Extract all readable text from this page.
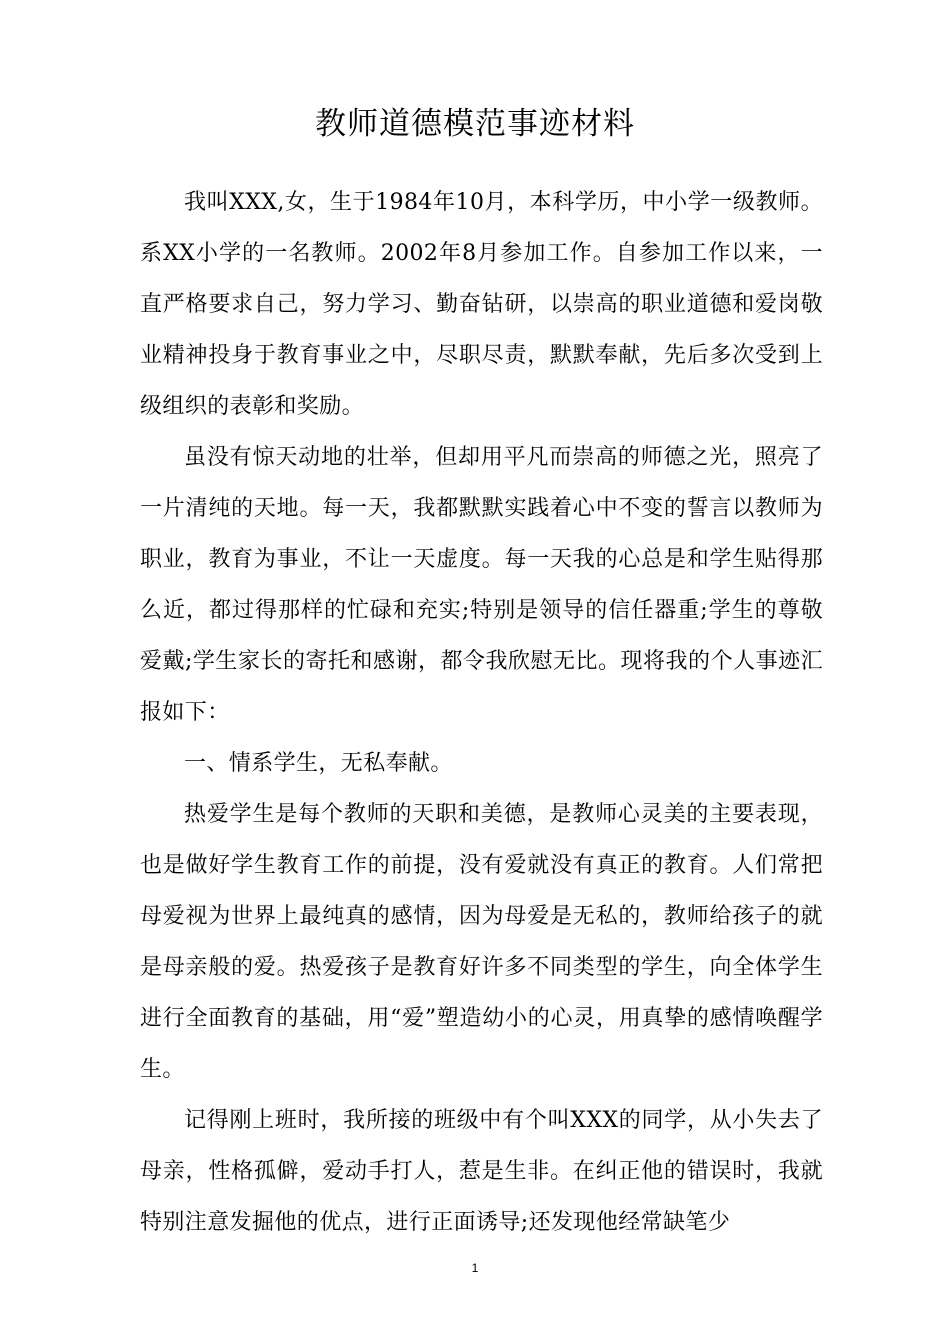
教师道德模范事迹材料

我叫XXX,女，生于1984年10月，本科学历，中小学一级教师。系XX小学的一名教师。2002年8月参加工作。自参加工作以来，一直严格要求自己，努力学习、勤奋钻研，以崇高的职业道德和爱岗敬业精神投身于教育事业之中，尽职尽责，默默奉献，先后多次受到上级组织的表彰和奖励。

虽没有惊天动地的壮举，但却用平凡而崇高的师德之光，照亮了一片清纯的天地。每一天，我都默默实践着心中不变的誓言以教师为职业，教育为事业，不让一天虚度。每一天我的心总是和学生贴得那么近，都过得那样的忙碌和充实;特别是领导的信任器重;学生的尊敬爱戴;学生家长的寄托和感谢，都令我欣慰无比。现将我的个人事迹汇报如下：

一、情系学生，无私奉献。

热爱学生是每个教师的天职和美德，是教师心灵美的主要表现，也是做好学生教育工作的前提，没有爱就没有真正的教育。人们常把母爱视为世界上最纯真的感情，因为母爱是无私的，教师给孩子的就是母亲般的爱。热爱孩子是教育好许多不同类型的学生，向全体学生进行全面教育的基础，用“爱”塑造幼小的心灵，用真挚的感情唤醒学生。

记得刚上班时，我所接的班级中有个叫XXX的同学，从小失去了母亲，性格孤僻，爱动手打人，惹是生非。在纠正他的错误时，我就特别注意发掘他的优点，进行正面诱导;还发现他经常缺笔少

1
